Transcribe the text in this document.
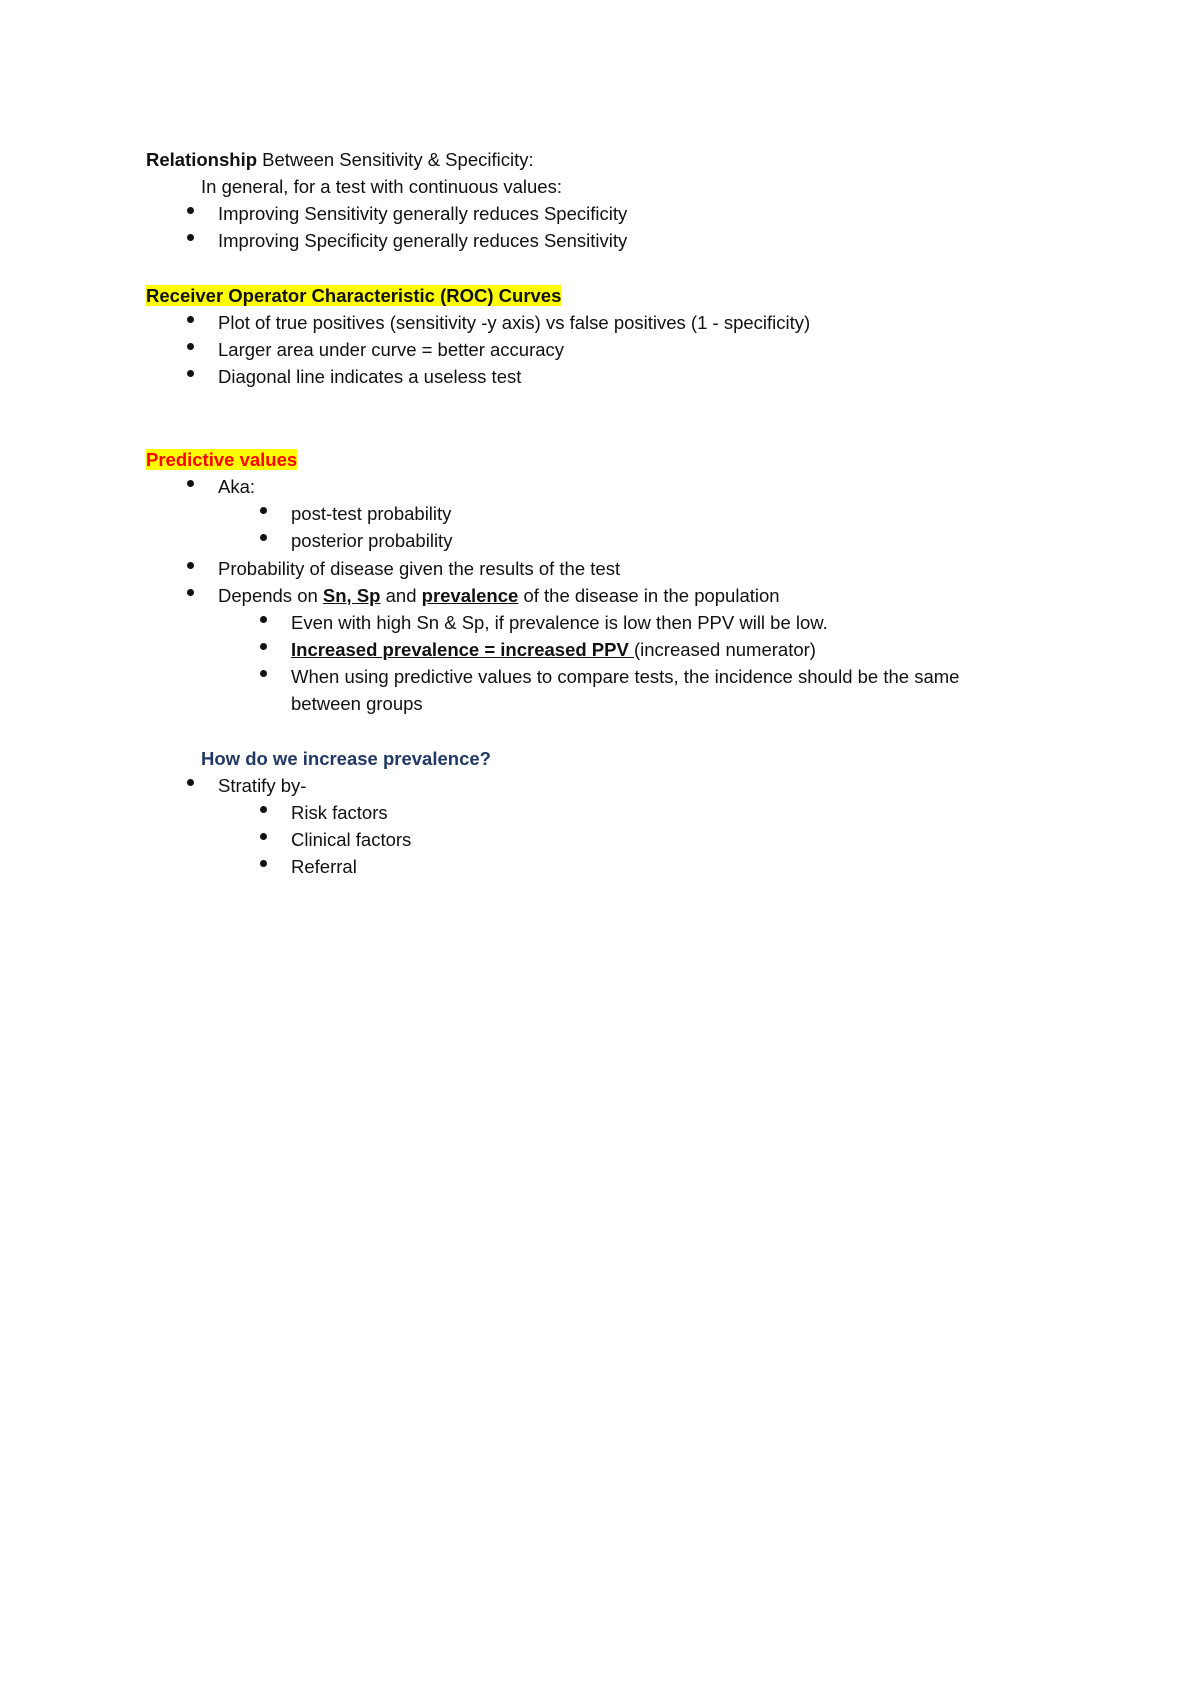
Relationship Between Sensitivity & Specificity:
In general, for a test with continuous values:
Improving Sensitivity generally reduces Specificity
Improving Specificity generally reduces Sensitivity
Receiver Operator Characteristic (ROC) Curves
Plot of true positives (sensitivity -y axis) vs false positives (1 - specificity)
Larger area under curve = better accuracy
Diagonal line indicates a useless test
Predictive values
Aka:
post-test probability
posterior probability
Probability of disease given the results of the test
Depends on Sn, Sp and prevalence of the disease in the population
Even with high Sn & Sp, if prevalence is low then PPV will be low.
Increased prevalence = increased PPV (increased numerator)
When using predictive values to compare tests, the incidence should be the same
between groups
How do we increase prevalence?
Stratify by-
Risk factors
Clinical factors
Referral
